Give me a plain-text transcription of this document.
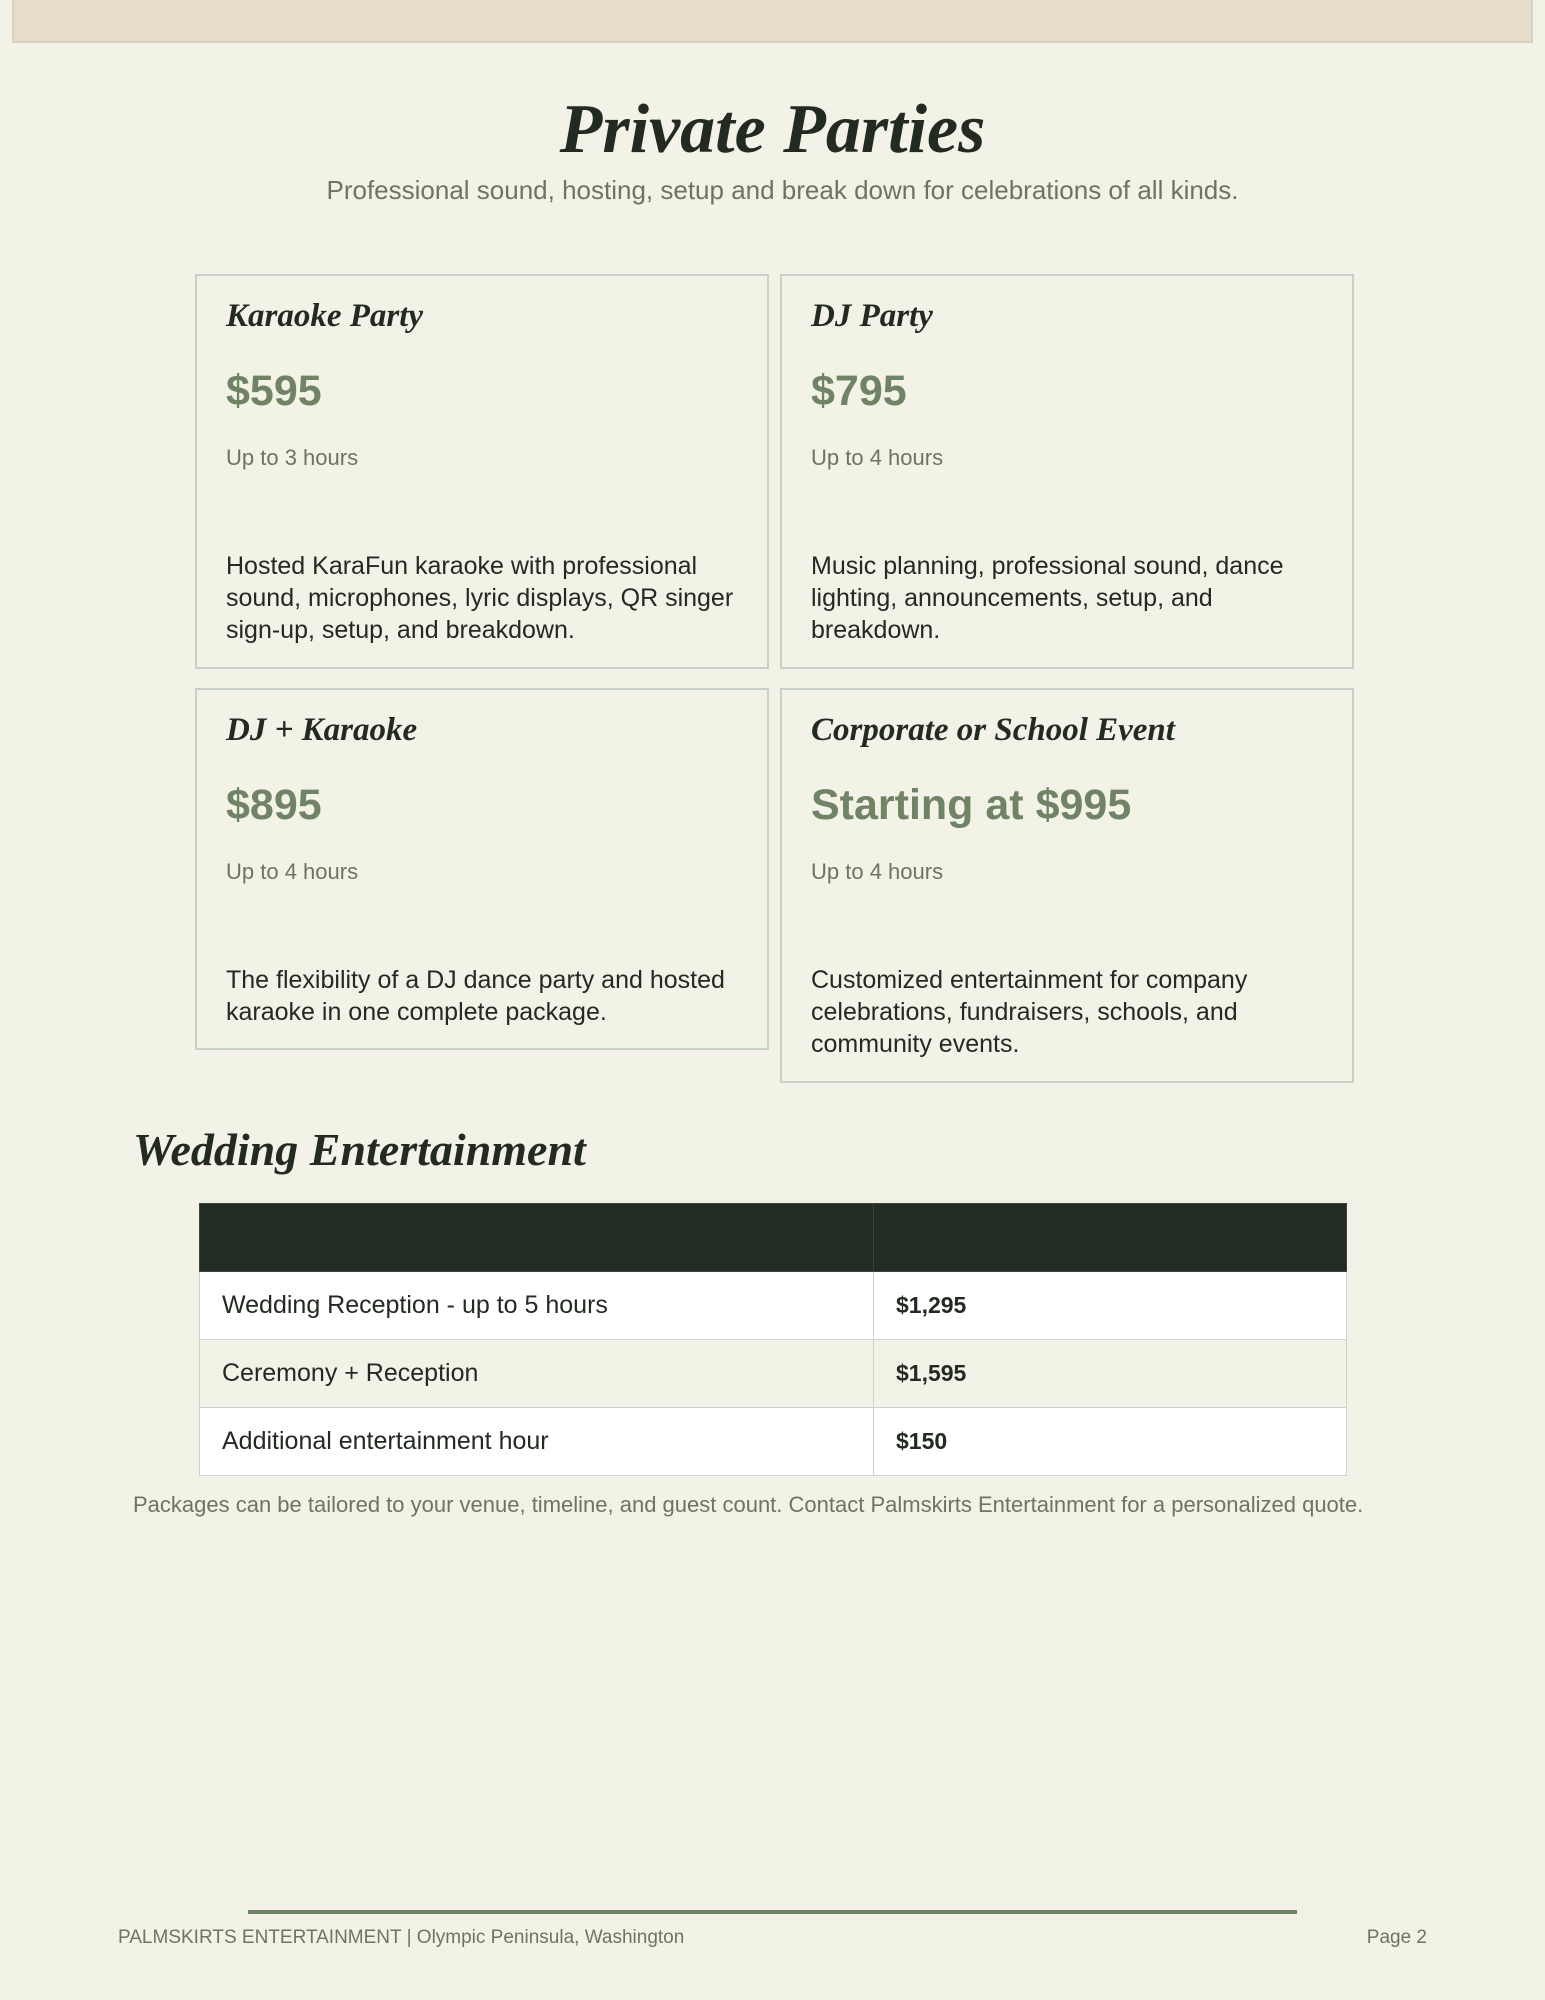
Private Parties

Professional sound, hosting, setup and break down for celebrations of all kinds.

Karaoke Party
$595
Up to 3 hours
Hosted KaraFun karaoke with professional sound, microphones, lyric displays, QR singer sign-up, setup, and breakdown.
DJ Party
$795
Up to 4 hours
Music planning, professional sound, dance lighting, announcements, setup, and breakdown.
DJ + Karaoke
$895
Up to 4 hours
The flexibility of a DJ dance party and hosted karaoke in one complete package.
Corporate or School Event
Starting at $995
Up to 4 hours
Customized entertainment for company celebrations, fundraisers, schools, and community events.
Wedding Entertainment

Wedding Reception - up to 5 hours	$1,295
Ceremony + Reception	$1,595
Additional entertainment hour	$150

Packages can be tailored to your venue, timeline, and guest count. Contact Palmskirts Entertainment for a personalized quote.

PALMSKIRTS ENTERTAINMENT | Olympic Peninsula, Washington	Page 2
